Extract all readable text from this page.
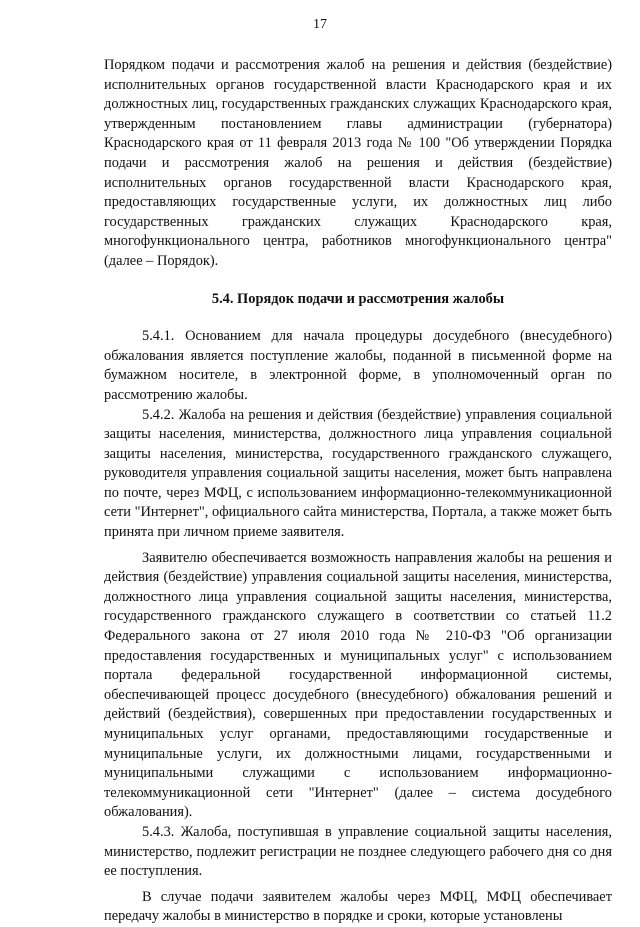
17

Порядком подачи и рассмотрения жалоб на решения и действия (бездействие) исполнительных органов государственной власти Краснодарского края и их должностных лиц, государственных гражданских служащих Краснодарского края, утвержденным постановлением главы администрации (губернатора) Краснодарского края от 11 февраля 2013 года № 100 "Об утверждении Порядка подачи и рассмотрения жалоб на решения и действия (бездействие) исполнительных органов государственной власти Краснодарского края, предоставляющих государственные услуги, их должностных лиц либо государственных гражданских служащих Краснодарского края, многофункционального центра, работников многофункционального центра" (далее – Порядок).

5.4. Порядок подачи и рассмотрения жалобы

5.4.1. Основанием для начала процедуры досудебного (внесудебного) обжалования является поступление жалобы, поданной в письменной форме на бумажном носителе, в электронной форме, в уполномоченный орган по рассмотрению жалобы.

5.4.2. Жалоба на решения и действия (бездействие) управления социальной защиты населения, министерства, должностного лица управления социальной защиты населения, министерства, государственного гражданского служащего, руководителя управления социальной защиты населения, может быть направлена по почте, через МФЦ, с использованием информационно-телекоммуникационной сети "Интернет", официального сайта министерства, Портала, а также может быть принята при личном приеме заявителя.

Заявителю обеспечивается возможность направления жалобы на решения и действия (бездействие) управления социальной защиты населения, министерства, должностного лица управления социальной защиты населения, министерства, государственного гражданского служащего в соответствии со статьей 11.2 Федерального закона от 27 июля 2010 года № 210-ФЗ "Об организации предоставления государственных и муниципальных услуг" с использованием портала федеральной государственной информационной системы, обеспечивающей процесс досудебного (внесудебного) обжалования решений и действий (бездействия), совершенных при предоставлении государственных и муниципальных услуг органами, предоставляющими государственные и муниципальные услуги, их должностными лицами, государственными и муниципальными служащими с использованием информационно-телекоммуникационной сети "Интернет" (далее – система досудебного обжалования).

5.4.3. Жалоба, поступившая в управление социальной защиты населения, министерство, подлежит регистрации не позднее следующего рабочего дня со дня ее поступления.

В случае подачи заявителем жалобы через МФЦ, МФЦ обеспечивает передачу жалобы в министерство в порядке и сроки, которые установлены
